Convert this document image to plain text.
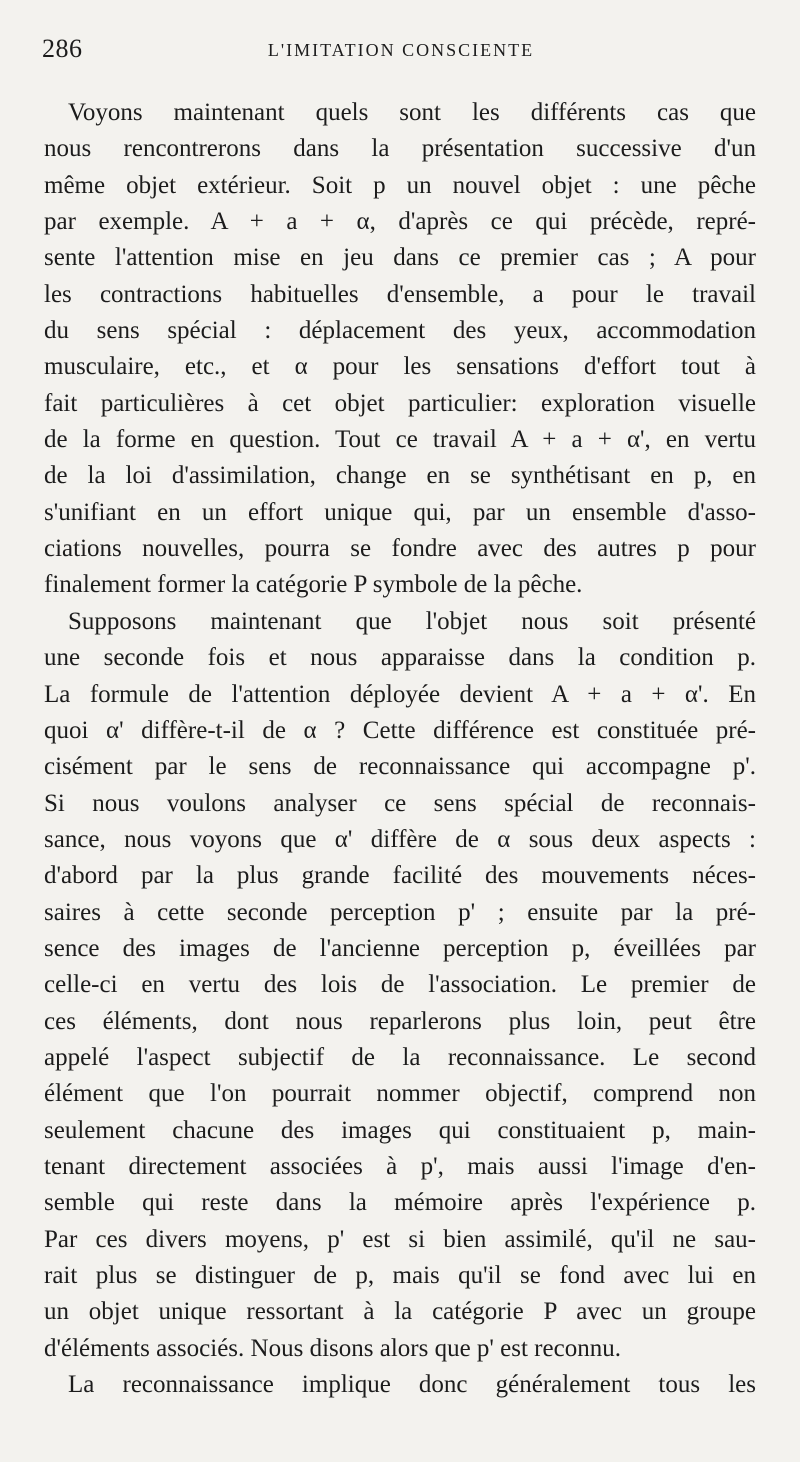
286	L'IMITATION CONSCIENTE
Voyons maintenant quels sont les différents cas que
nous rencontrerons dans la présentation successive d'un
même objet extérieur. Soit p un nouvel objet : une pêche
par exemple. A + a + α, d'après ce qui précède, repré-
sente l'attention mise en jeu dans ce premier cas ; A pour
les contractions habituelles d'ensemble, a pour le travail
du sens spécial : déplacement des yeux, accommodation
musculaire, etc., et α pour les sensations d'effort tout à
fait particulières à cet objet particulier: exploration visuelle
de la forme en question. Tout ce travail A + a + α', en vertu
de la loi d'assimilation, change en se synthétisant en p, en
s'unifiant en un effort unique qui, par un ensemble d'asso-
ciations nouvelles, pourra se fondre avec des autres p pour
finalement former la catégorie P symbole de la pêche.
Supposons maintenant que l'objet nous soit présenté
une seconde fois et nous apparaisse dans la condition p.
La formule de l'attention déployée devient A + a + α'. En
quoi α' diffère-t-il de α ? Cette différence est constituée pré-
cisément par le sens de reconnaissance qui accompagne p'.
Si nous voulons analyser ce sens spécial de reconnais-
sance, nous voyons que α' diffère de α sous deux aspects :
d'abord par la plus grande facilité des mouvements néces-
saires à cette seconde perception p' ; ensuite par la pré-
sence des images de l'ancienne perception p, éveillées par
celle-ci en vertu des lois de l'association. Le premier de
ces éléments, dont nous reparlerons plus loin, peut être
appelé l'aspect subjectif de la reconnaissance. Le second
élément que l'on pourrait nommer objectif, comprend non
seulement chacune des images qui constituaient p, main-
tenant directement associées à p', mais aussi l'image d'en-
semble qui reste dans la mémoire après l'expérience p.
Par ces divers moyens, p' est si bien assimilé, qu'il ne sau-
rait plus se distinguer de p, mais qu'il se fond avec lui en
un objet unique ressortant à la catégorie P avec un groupe
d'éléments associés. Nous disons alors que p' est reconnu.
La reconnaissance implique donc généralement tous les
